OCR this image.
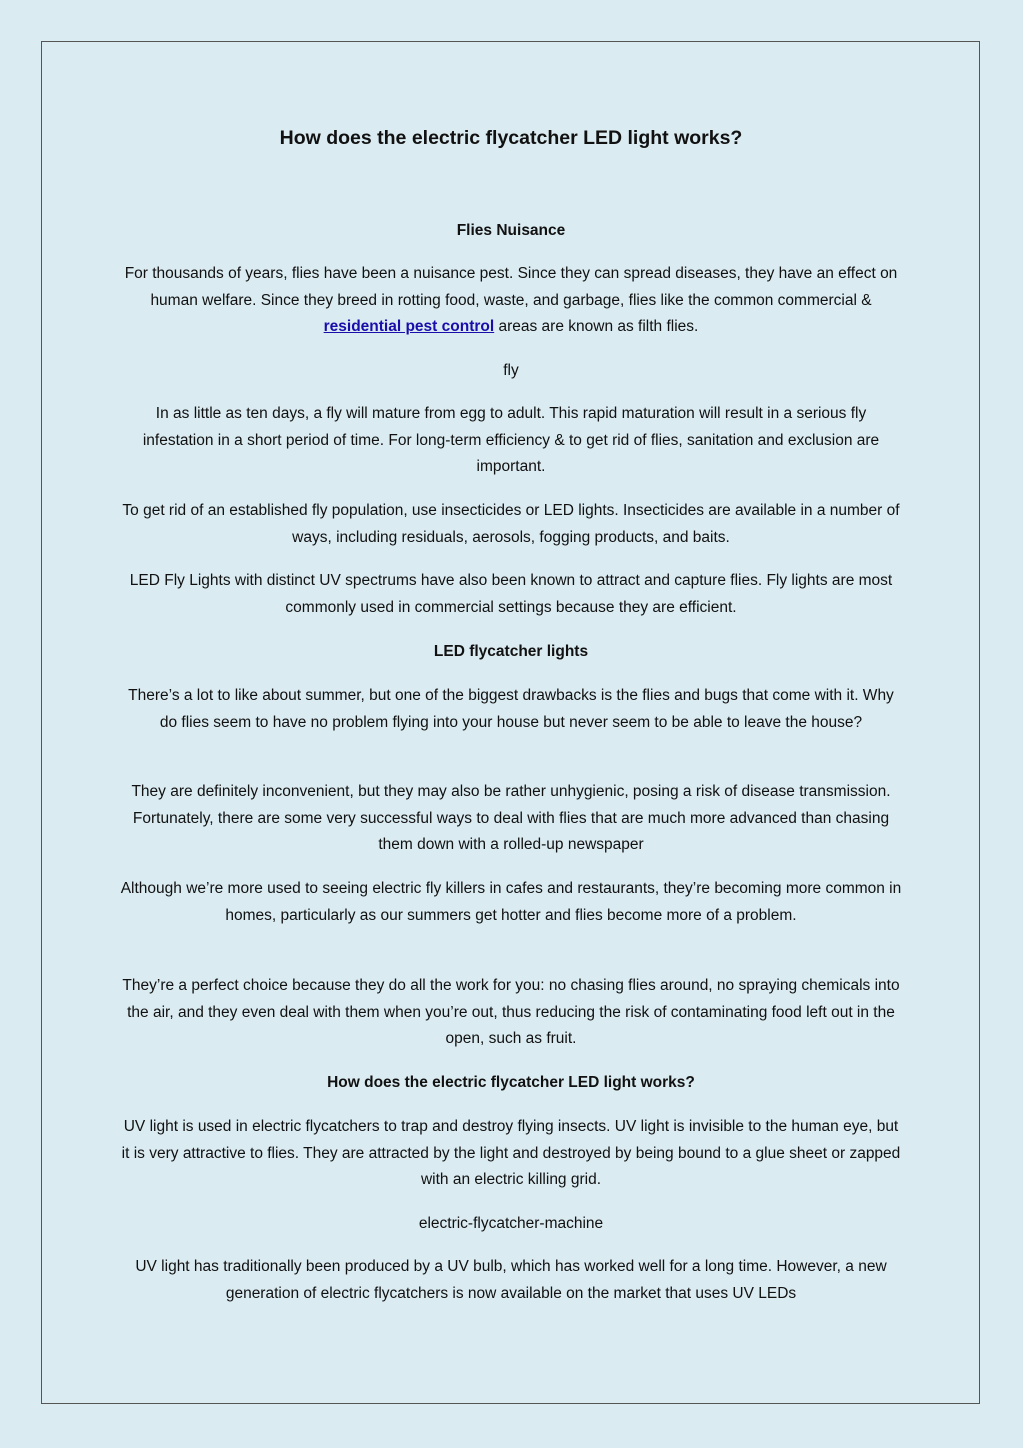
How does the electric flycatcher LED light works?

Flies Nuisance

For thousands of years, flies have been a nuisance pest. Since they can spread diseases, they have an effect on human welfare. Since they breed in rotting food, waste, and garbage, flies like the common commercial & residential pest control areas are known as filth flies.

fly

In as little as ten days, a fly will mature from egg to adult. This rapid maturation will result in a serious fly infestation in a short period of time. For long-term efficiency & to get rid of flies, sanitation and exclusion are important.

To get rid of an established fly population, use insecticides or LED lights. Insecticides are available in a number of ways, including residuals, aerosols, fogging products, and baits.

LED Fly Lights with distinct UV spectrums have also been known to attract and capture flies. Fly lights are most commonly used in commercial settings because they are efficient.

LED flycatcher lights

There’s a lot to like about summer, but one of the biggest drawbacks is the flies and bugs that come with it. Why do flies seem to have no problem flying into your house but never seem to be able to leave the house?

They are definitely inconvenient, but they may also be rather unhygienic, posing a risk of disease transmission. Fortunately, there are some very successful ways to deal with flies that are much more advanced than chasing them down with a rolled-up newspaper

Although we’re more used to seeing electric fly killers in cafes and restaurants, they’re becoming more common in homes, particularly as our summers get hotter and flies become more of a problem.

They’re a perfect choice because they do all the work for you: no chasing flies around, no spraying chemicals into the air, and they even deal with them when you’re out, thus reducing the risk of contaminating food left out in the open, such as fruit.

How does the electric flycatcher LED light works?

UV light is used in electric flycatchers to trap and destroy flying insects. UV light is invisible to the human eye, but it is very attractive to flies. They are attracted by the light and destroyed by being bound to a glue sheet or zapped with an electric killing grid.

electric-flycatcher-machine

UV light has traditionally been produced by a UV bulb, which has worked well for a long time. However, a new generation of electric flycatchers is now available on the market that uses UV LEDs
